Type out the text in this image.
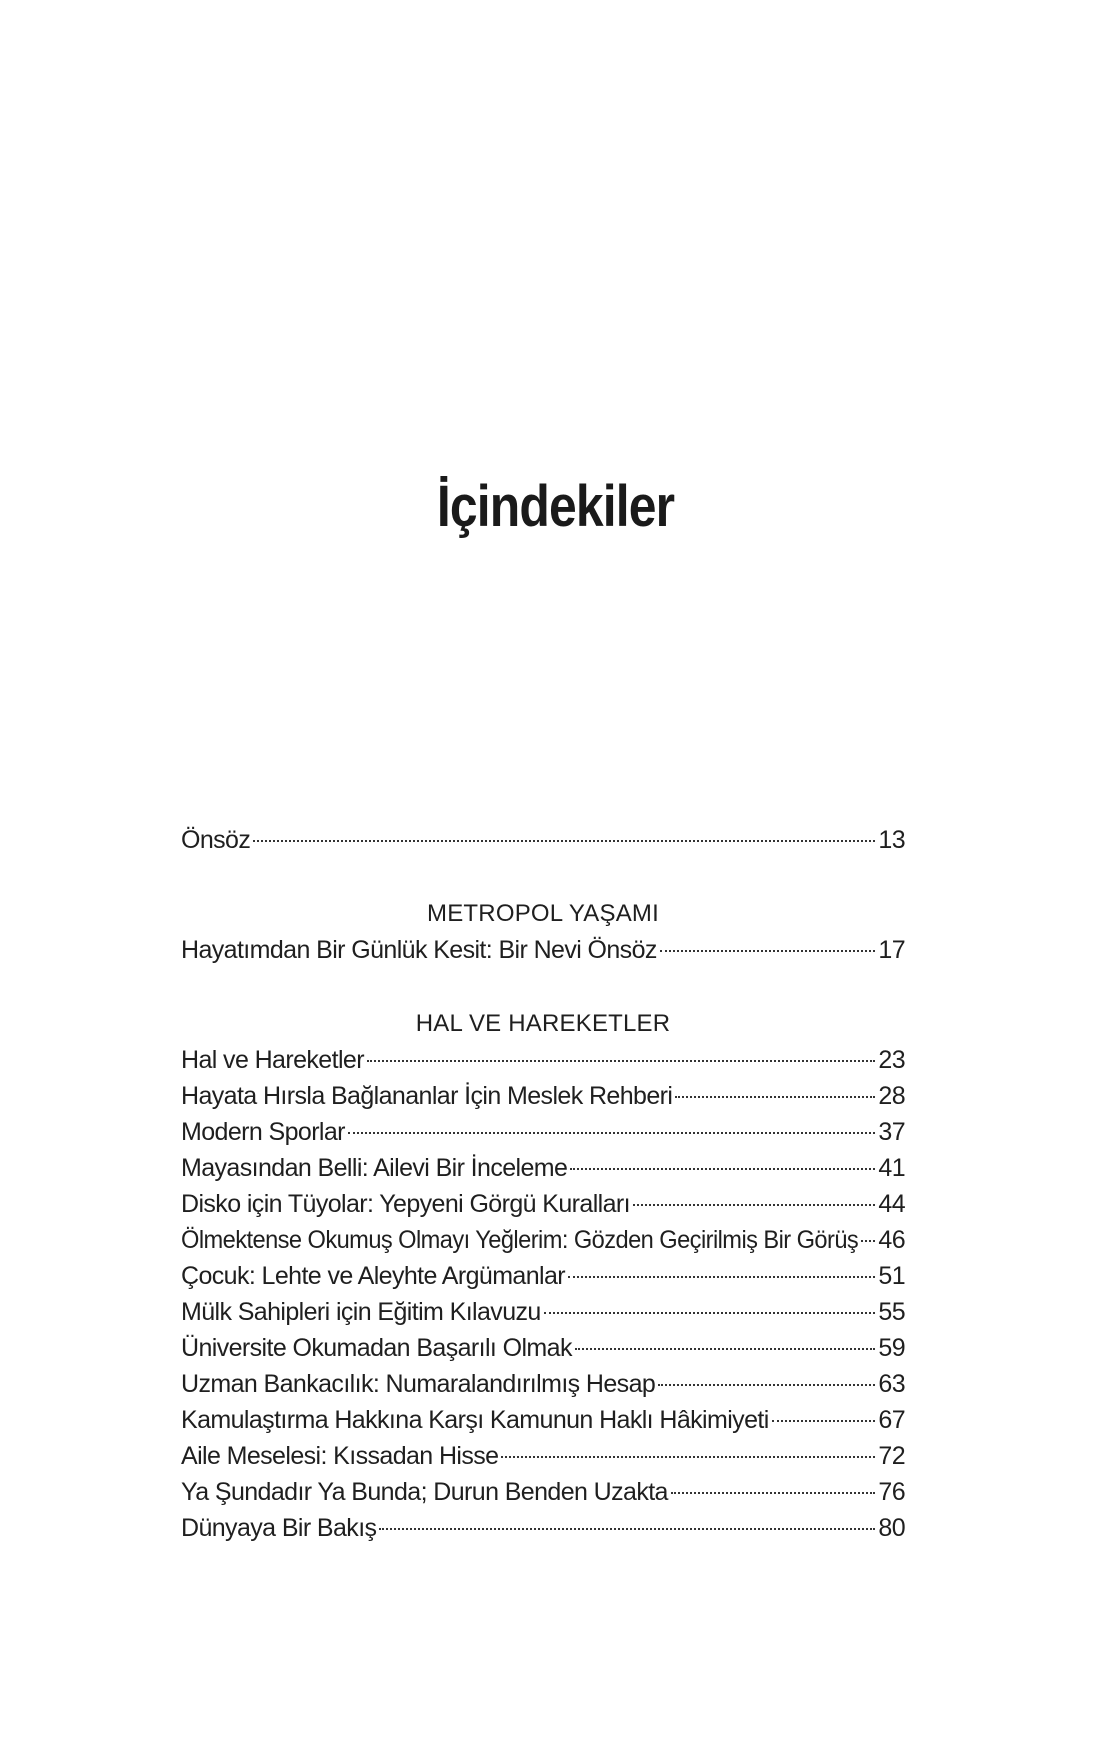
İçindekiler
Önsöz	13
METROPOL YAŞAMI
Hayatımdan Bir Günlük Kesit: Bir Nevi Önsöz	17
HAL VE HAREKETLER
Hal ve Hareketler	23
Hayata Hırsla Bağlananlar İçin Meslek Rehberi	28
Modern Sporlar	37
Mayasından Belli: Ailevi Bir İnceleme	41
Disko için Tüyolar: Yepyeni Görgü Kuralları	44
Ölmektense Okumuş Olmayı Yeğlerim: Gözden Geçirilmiş Bir Görüş 46
Çocuk: Lehte ve Aleyhte Argümanlar	51
Mülk Sahipleri için Eğitim Kılavuzu	55
Üniversite Okumadan Başarılı Olmak	59
Uzman Bankacılık: Numaralandırılmış Hesap	63
Kamulaştırma Hakkına Karşı Kamunun Haklı Hâkimiyeti	67
Aile Meselesi: Kıssadan Hisse	72
Ya Şundadır Ya Bunda; Durun Benden Uzakta	76
Dünyaya Bir Bakış	80
